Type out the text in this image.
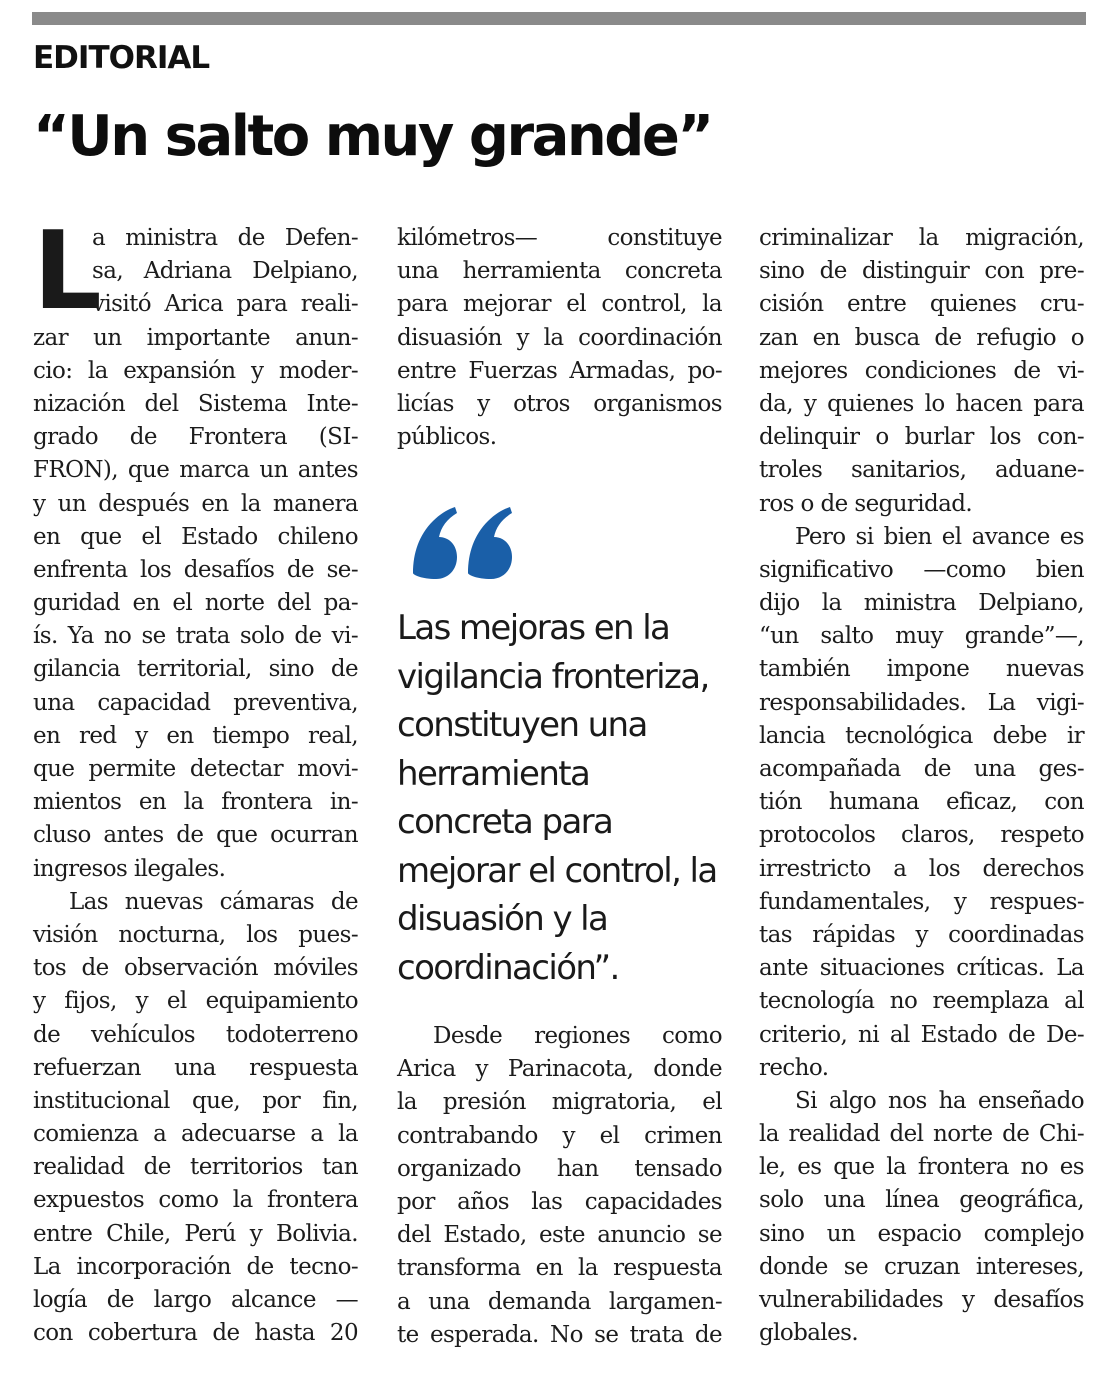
EDITORIAL
“Un salto muy grande”
L
a ministra de Defen-
sa, Adriana Delpiano,
visitó Arica para reali-
zar un importante anun-
cio: la expansión y moder-
nización del Sistema Inte-
grado de Frontera (SI-
FRON), que marca un antes
y un después en la manera
en que el Estado chileno
enfrenta los desafíos de se-
guridad en el norte del pa-
ís. Ya no se trata solo de vi-
gilancia territorial, sino de
una capacidad preventiva,
en red y en tiempo real,
que permite detectar movi-
mientos en la frontera in-
cluso antes de que ocurran
ingresos ilegales.
Las nuevas cámaras de
visión nocturna, los pues-
tos de observación móviles
y fijos, y el equipamiento
de vehículos todoterreno
refuerzan una respuesta
institucional que, por fin,
comienza a adecuarse a la
realidad de territorios tan
expuestos como la frontera
entre Chile, Perú y Bolivia.
La incorporación de tecno-
logía de largo alcance —
con cobertura de hasta 20
kilómetros— constituye
una herramienta concreta
para mejorar el control, la
disuasión y la coordinación
entre Fuerzas Armadas, po-
licías y otros organismos
públicos.
Las mejoras en la
vigilancia fronteriza,
constituyen una
herramienta
concreta para
mejorar el control, la
disuasión y la
coordinación”.
Desde regiones como
Arica y Parinacota, donde
la presión migratoria, el
contrabando y el crimen
organizado han tensado
por años las capacidades
del Estado, este anuncio se
transforma en la respuesta
a una demanda largamen-
te esperada. No se trata de
criminalizar la migración,
sino de distinguir con pre-
cisión entre quienes cru-
zan en busca de refugio o
mejores condiciones de vi-
da, y quienes lo hacen para
delinquir o burlar los con-
troles sanitarios, aduane-
ros o de seguridad.
Pero si bien el avance es
significativo —como bien
dijo la ministra Delpiano,
“un salto muy grande”—,
también impone nuevas
responsabilidades. La vigi-
lancia tecnológica debe ir
acompañada de una ges-
tión humana eficaz, con
protocolos claros, respeto
irrestricto a los derechos
fundamentales, y respues-
tas rápidas y coordinadas
ante situaciones críticas. La
tecnología no reemplaza al
criterio, ni al Estado de De-
recho.
Si algo nos ha enseñado
la realidad del norte de Chi-
le, es que la frontera no es
solo una línea geográfica,
sino un espacio complejo
donde se cruzan intereses,
vulnerabilidades y desafíos
globales.
